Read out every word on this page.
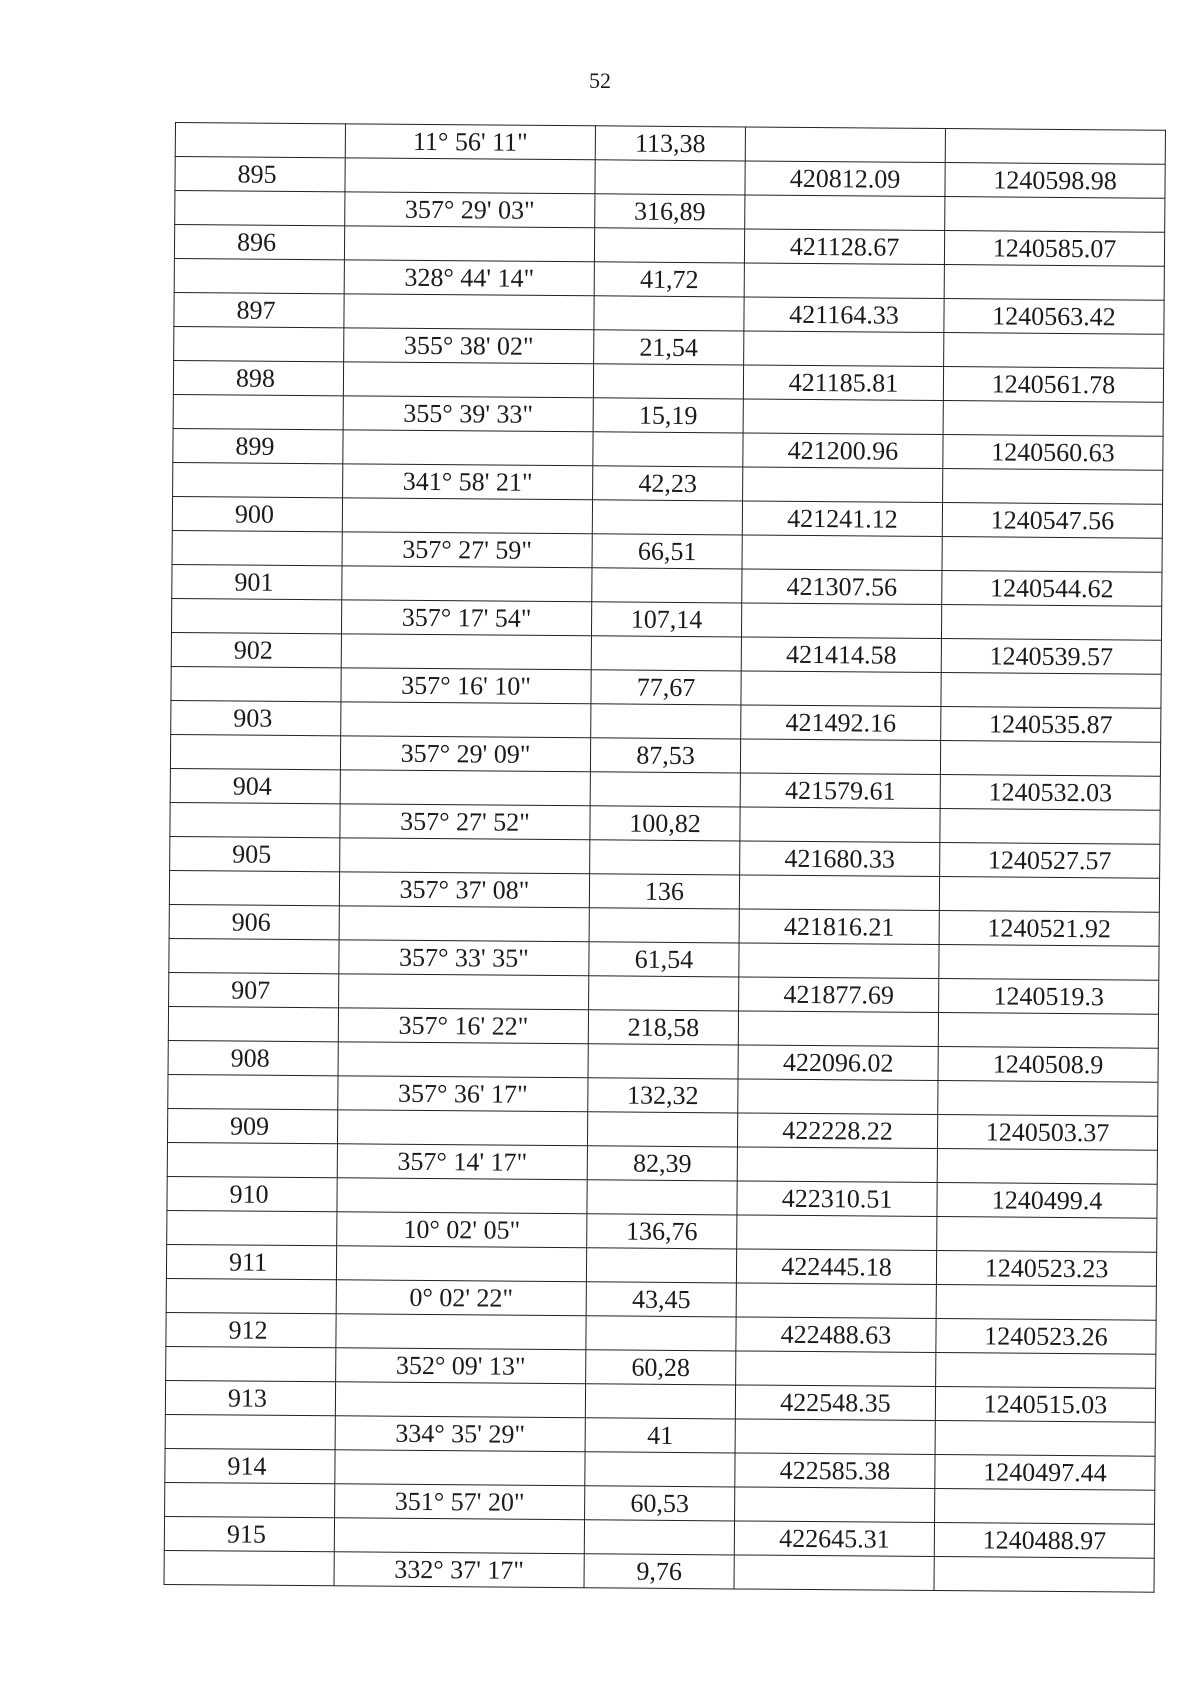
52
	11° 56' 11"	113,38		
895			420812.09	1240598.98
	357° 29' 03"	316,89		
896			421128.67	1240585.07
	328° 44' 14"	41,72		
897			421164.33	1240563.42
	355° 38' 02"	21,54		
898			421185.81	1240561.78
	355° 39' 33"	15,19		
899			421200.96	1240560.63
	341° 58' 21"	42,23		
900			421241.12	1240547.56
	357° 27' 59"	66,51		
901			421307.56	1240544.62
	357° 17' 54"	107,14		
902			421414.58	1240539.57
	357° 16' 10"	77,67		
903			421492.16	1240535.87
	357° 29' 09"	87,53		
904			421579.61	1240532.03
	357° 27' 52"	100,82		
905			421680.33	1240527.57
	357° 37' 08"	136		
906			421816.21	1240521.92
	357° 33' 35"	61,54		
907			421877.69	1240519.3
	357° 16' 22"	218,58		
908			422096.02	1240508.9
	357° 36' 17"	132,32		
909			422228.22	1240503.37
	357° 14' 17"	82,39		
910			422310.51	1240499.4
	10° 02' 05"	136,76		
911			422445.18	1240523.23
	0° 02' 22"	43,45		
912			422488.63	1240523.26
	352° 09' 13"	60,28		
913			422548.35	1240515.03
	334° 35' 29"	41		
914			422585.38	1240497.44
	351° 57' 20"	60,53		
915			422645.31	1240488.97
	332° 37' 17"	9,76		
